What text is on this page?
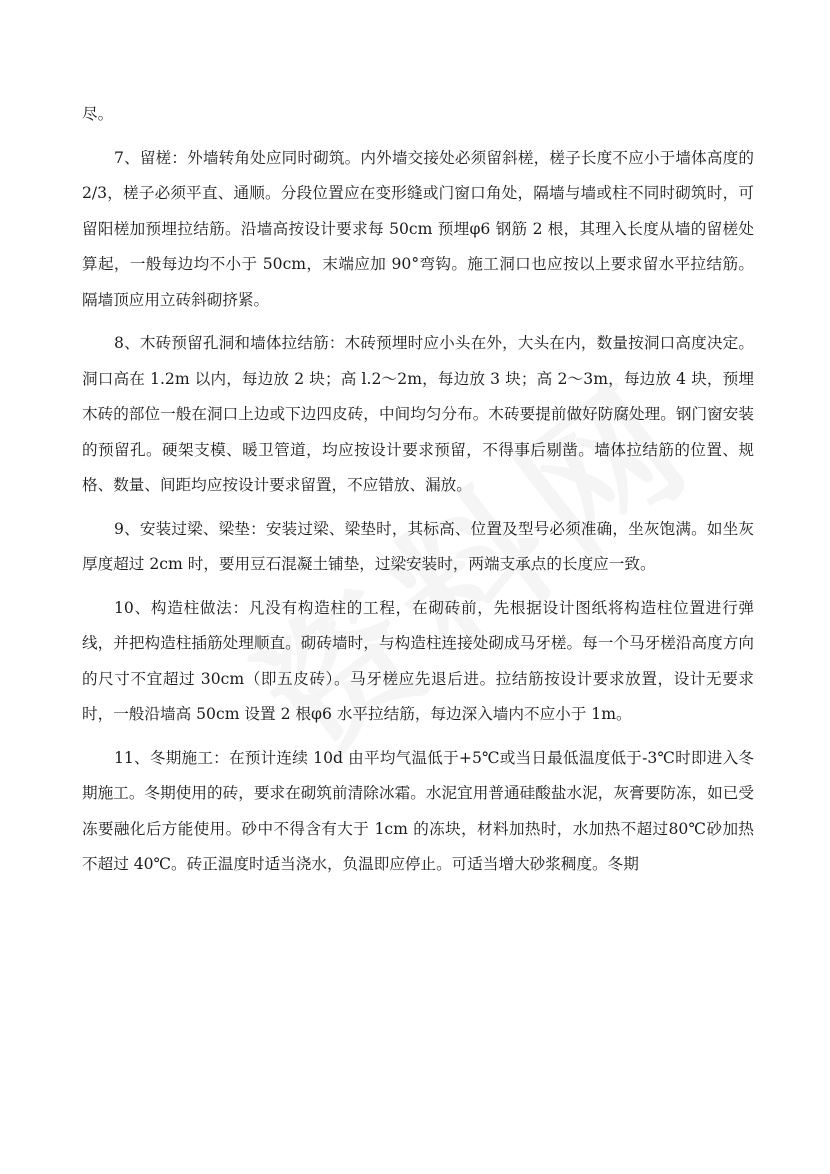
尽。

7、留槎：外墙转角处应同时砌筑。内外墙交接处必须留斜槎，槎子长度不应小于墙体高度的 2/3，槎子必须平直、通顺。分段位置应在变形缝或门窗口角处，隔墙与墙或柱不同时砌筑时，可留阳槎加预埋拉结筋。沿墙高按设计要求每 50cm 预埋φ6 钢筋 2 根，其理入长度从墙的留槎处算起，一般每边均不小于 50cm，末端应加 90°弯钩。施工洞口也应按以上要求留水平拉结筋。隔墙顶应用立砖斜砌挤紧。

8、木砖预留孔洞和墙体拉结筋：木砖预埋时应小头在外，大头在内，数量按洞口高度决定。洞口高在 1.2m 以内，每边放 2 块；高 l.2～2m，每边放 3 块；高 2～3m，每边放 4 块，预埋木砖的部位一般在洞口上边或下边四皮砖，中间均匀分布。木砖要提前做好防腐处理。钢门窗安装的预留孔。硬架支模、暖卫管道，均应按设计要求预留，不得事后剔凿。墙体拉结筋的位置、规格、数量、间距均应按设计要求留置，不应错放、漏放。

9、安装过梁、梁垫：安装过梁、梁垫时，其标高、位置及型号必须准确，坐灰饱满。如坐灰厚度超过 2cm 时，要用豆石混凝土铺垫，过梁安装时，两端支承点的长度应一致。

10、构造柱做法：凡没有构造柱的工程，在砌砖前，先根据设计图纸将构造柱位置进行弹线，并把构造柱插筋处理顺直。砌砖墙时，与构造柱连接处砌成马牙槎。每一个马牙槎沿高度方向的尺寸不宜超过 30cm（即五皮砖）。马牙槎应先退后进。拉结筋按设计要求放置，设计无要求时，一般沿墙高 50cm 设置 2 根φ6 水平拉结筋，每边深入墙内不应小于 1m。

11、冬期施工：在预计连续 10d 由平均气温低于+5℃或当日最低温度低于-3℃时即进入冬期施工。冬期使用的砖，要求在砌筑前清除冰霜。水泥宜用普通硅酸盐水泥，灰膏要防冻，如已受冻要融化后方能使用。砂中不得含有大于 1cm 的冻块，材料加热时，水加热不超过80℃砂加热不超过 40℃。砖正温度时适当浇水，负温即应停止。可适当增大砂浆稠度。冬期
